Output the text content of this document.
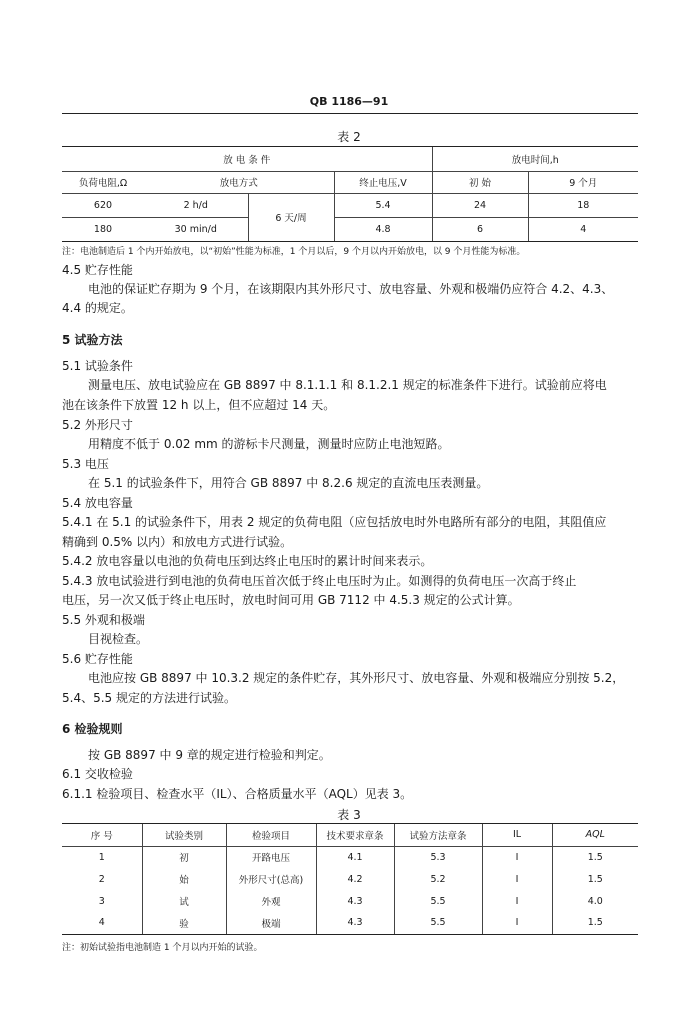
QB 1186—91
表 2
放 电 条 件				放电时间,h	
负荷电阻,Ω	放电方式		终止电压,V	初 始	9 个月
620	2 h/d	6 天/周	5.4	24	18
180	30 min/d		4.8	6	4
注：电池制造后 1 个内开始放电，以“初始”性能为标准，1 个月以后，9 个月以内开始放电，以 9 个月性能为标准。
4.5 贮存性能
电池的保证贮存期为 9 个月，在该期限内其外形尺寸、放电容量、外观和极端仍应符合 4.2、4.3、
4.4 的规定。
5 试验方法
5.1 试验条件
测量电压、放电试验应在 GB 8897 中 8.1.1.1 和 8.1.2.1 规定的标准条件下进行。试验前应将电
池在该条件下放置 12 h 以上，但不应超过 14 天。
5.2 外形尺寸
用精度不低于 0.02 mm 的游标卡尺测量，测量时应防止电池短路。
5.3 电压
在 5.1 的试验条件下，用符合 GB 8897 中 8.2.6 规定的直流电压表测量。
5.4 放电容量
5.4.1 在 5.1 的试验条件下，用表 2 规定的负荷电阻（应包括放电时外电路所有部分的电阻，其阻值应
精确到 0.5% 以内）和放电方式进行试验。
5.4.2 放电容量以电池的负荷电压到达终止电压时的累计时间来表示。
5.4.3 放电试验进行到电池的负荷电压首次低于终止电压时为止。如测得的负荷电压一次高于终止
电压，另一次又低于终止电压时，放电时间可用 GB 7112 中 4.5.3 规定的公式计算。
5.5 外观和极端
目视检查。
5.6 贮存性能
电池应按 GB 8897 中 10.3.2 规定的条件贮存，其外形尺寸、放电容量、外观和极端应分别按 5.2，
5.4、5.5 规定的方法进行试验。
6 检验规则
按 GB 8897 中 9 章的规定进行检验和判定。
6.1 交收检验
6.1.1 检验项目、检查水平（IL）、合格质量水平（AQL）见表 3。
表 3
序 号	试验类别	检验项目	技术要求章条	试验方法章条	IL	AQL
1	初	开路电压	4.1	5.3	I	1.5
2	始	外形尺寸(总高)	4.2	5.2	I	1.5
3	试	外观	4.3	5.5	I	4.0
4	验	极端	4.3	5.5	I	1.5
注：初始试验指电池制造 1 个月以内开始的试验。
